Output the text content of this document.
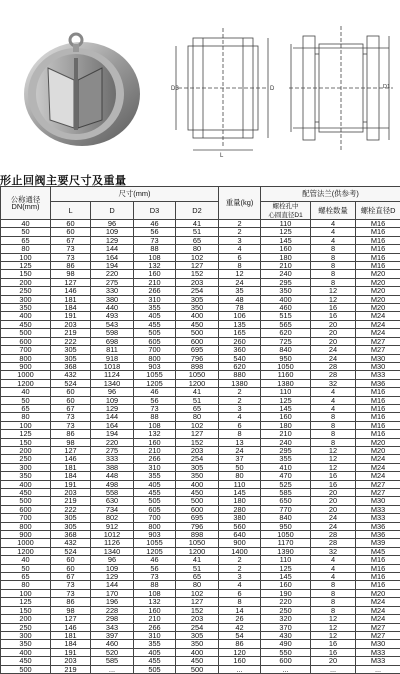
D3	D
L
D1
形止回阀主要尺寸及重量
公称通径
DN(mm)	尺寸(mm)				重量(kg)	配管法兰(供参考)		
	L	D	D3	D2		螺栓孔中
心圆直径D1	螺栓数量	螺栓直径D
40	60	96	46	41	2	110	4	M16
50	60	109	56	51	2	125	4	M16
65	67	129	73	65	3	145	4	M16
80	73	144	88	80	4	160	8	M16
100	73	164	108	102	6	180	8	M16
125	86	194	132	127	8	210	8	M16
150	98	220	160	152	12	240	8	M20
200	127	275	210	203	24	295	8	M20
250	146	330	266	254	35	350	12	M20
300	181	380	310	305	48	400	12	M20
350	184	440	355	350	78	460	16	M20
400	191	493	405	400	106	515	16	M24
450	203	543	455	450	135	565	20	M24
500	219	598	505	500	165	620	20	M24
600	222	698	605	600	260	725	20	M27
700	305	811	700	695	360	840	24	M27
800	305	918	800	796	540	950	24	M30
900	368	1018	903	898	620	1050	28	M30
1000	432	1124	1055	1050	880	1160	28	M33
1200	524	1340	1205	1200	1380	1380	32	M36
40	60	96	46	41	2	110	4	M16
50	60	109	56	51	2	125	4	M16
65	67	129	73	65	3	145	4	M16
80	73	144	88	80	4	160	8	M16
100	73	164	108	102	6	180	8	M16
125	86	194	132	127	8	210	8	M16
150	98	220	160	152	13	240	8	M20
200	127	275	210	203	24	295	12	M20
250	146	333	266	254	37	355	12	M24
300	181	388	310	305	50	410	12	M24
350	184	448	355	350	80	470	16	M24
400	191	498	405	400	110	525	16	M27
450	203	558	455	450	145	585	20	M27
500	219	630	505	500	180	650	20	M30
600	222	734	605	600	280	770	20	M33
700	305	802	700	695	380	840	24	M33
800	305	912	800	796	560	950	24	M36
900	368	1012	903	898	640	1050	28	M36
1000	432	1126	1055	1050	900	1170	28	M39
1200	524	1340	1205	1200	1400	1390	32	M45
40	60	96	46	41	2	110	4	M16
50	60	109	56	51	2	125	4	M16
65	67	129	73	65	3	145	4	M16
80	73	144	88	80	4	160	8	M16
100	73	170	108	102	6	190	8	M20
125	86	196	132	127	8	220	8	M24
150	98	228	160	152	14	250	8	M24
200	127	298	210	203	26	320	12	M24
250	146	343	266	254	42	370	12	M27
300	181	397	310	305	54	430	12	M27
350	184	460	355	350	86	490	16	M30
400	191	520	405	400	120	550	16	M33
450	203	585	455	450	160	600	20	M33
500	219	...	505	500	...	...	...	...
